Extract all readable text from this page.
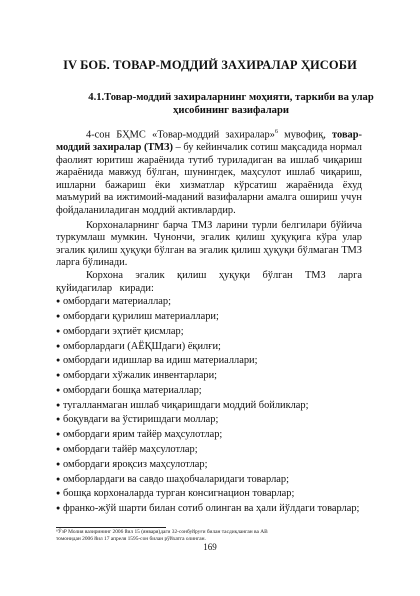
IV БОБ. ТОВАР-МОДДИЙ ЗАХИРАЛАР ҲИСОБИ
4.1.Товар-моддий захираларнинг моҳияти, таркиби ва улар
ҳисобининг вазифалари

4-сон БҲМС «Товар-моддий захиралар»$^6$ мувофиқ, товар-моддий захиралар (ТМЗ) – бу кейинчалик сотиш мақсадида нормал фаолият юритиш жараёнида тутиб туриладиган ва ишлаб чиқариш жараёнида мавжуд бўлган, шунингдек, маҳсулот ишлаб чиқариш, ишларни бажариш ёки хизматлар кўрсатиш жараёнида ёхуд маъмурий ва ижтимоий-маданий вазифаларни амалга ошириш учун фойдаланиладиган моддий активлардир.

Корхоналарнинг барча ТМЗ ларини турли белгилари бўйича туркумлаш мумкин. Чунончи, эгалик қилиш ҳуқуқига кўра улар эгалик қилиш ҳуқуқи бўлган ва эгалик қилиш ҳуқуқи бўлмаган ТМЗ ларга бўлинади.

Корхона эгалик қилиш ҳуқуқи бўлган ТМЗ ларга қуйидагилар киради:

● омбордаги материаллар;
● омбордаги қурилиш материаллари;
● омбордаги эҳтиёт қисмлар;
● омборлардаги (АЁҚШдаги) ёқилғи;
● омбордаги идишлар ва идиш материаллари;
● омбордаги хўжалик инвентарлари;
● омбордаги бошқа материаллар;
● тугалланмаган ишлаб чиқаришдаги моддий бойликлар;
● боқувдаги ва ўстиришдаги моллар;
● омбордаги ярим тайёр маҳсулотлар;
● омбордаги тайёр маҳсулотлар;
● омбордаги яроқсиз маҳсулотлар;
● омборлардаги ва савдо шаҳобчаларидаги товарлар;
● бошқа корхоналарда турган консигнацион товарлар;
● франко-жўй шарти билан сотиб олинган ва ҳали йўлдаги товарлар;
⁶ЎзР Молия вазирининг 2006 йил 15 (января)даги 32-сонбуйруғи билан тасдиқланган ва АВ
томонидан 2006 йил 17 апреля 1595-сон билан рўйхатга олинган.
169
